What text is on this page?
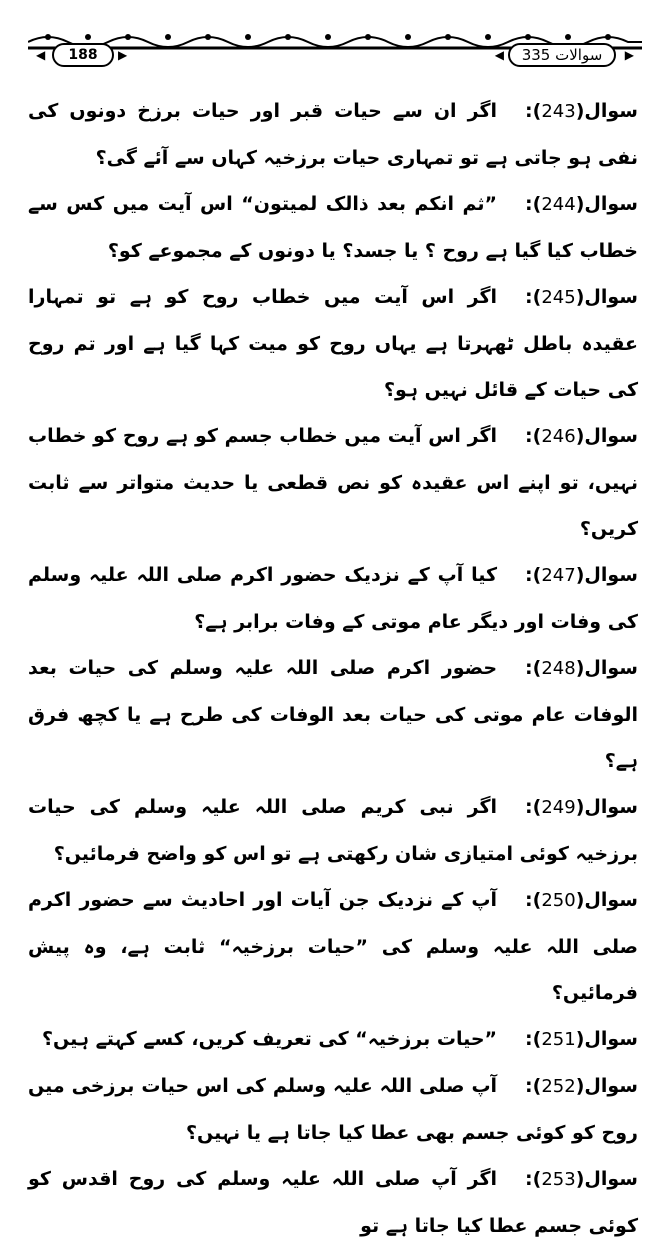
◀	188	▶	◀	335 سوالات	▶

سوال(243):اگر ان سے حیات قبر اور حیات برزخ دونوں کی نفی ہو جاتی ہے تو تمہاری حیات برزخیہ کہاں سے آئے گی؟

سوال(244):”ثم انکم بعد ذالک لمیتون“ اس آیت میں کس سے خطاب کیا گیا ہے روح ؟ یا جسد؟ یا دونوں کے مجموعے کو؟

سوال(245):اگر اس آیت میں خطاب روح کو ہے تو تمہارا عقیدہ باطل ٹھہرتا ہے یہاں روح کو میت کہا گیا ہے اور تم روح کی حیات کے قائل نہیں ہو؟

سوال(246):اگر اس آیت میں خطاب جسم کو ہے روح کو خطاب نہیں، تو اپنے اس عقیدہ کو نص قطعی یا حدیث متواتر سے ثابت کریں؟

سوال(247):کیا آپ کے نزدیک حضور اکرم صلی اللہ علیہ وسلم کی وفات اور دیگر عام موتی کے وفات برابر ہے؟

سوال(248):حضور اکرم صلی اللہ علیہ وسلم کی حیات بعد الوفات عام موتی کی حیات بعد الوفات کی طرح ہے یا کچھ فرق ہے؟

سوال(249):اگر نبی کریم صلی اللہ علیہ وسلم کی حیات برزخیہ کوئی امتیازی شان رکھتی ہے تو اس کو واضح فرمائیں؟

سوال(250):آپ کے نزدیک جن آیات اور احادیث سے حضور اکرم صلی اللہ علیہ وسلم کی ”حیات برزخیہ“ ثابت ہے، وہ پیش فرمائیں؟

سوال(251):”حیات برزخیہ“ کی تعریف کریں، کسے کہتے ہیں؟

سوال(252):آپ صلی اللہ علیہ وسلم کی اس حیات برزخی میں روح کو کوئی جسم بھی عطا کیا جاتا ہے یا نہیں؟

سوال(253):اگر آپ صلی اللہ علیہ وسلم کی روح اقدس کو کوئی جسم عطا کیا جاتا ہے تو
